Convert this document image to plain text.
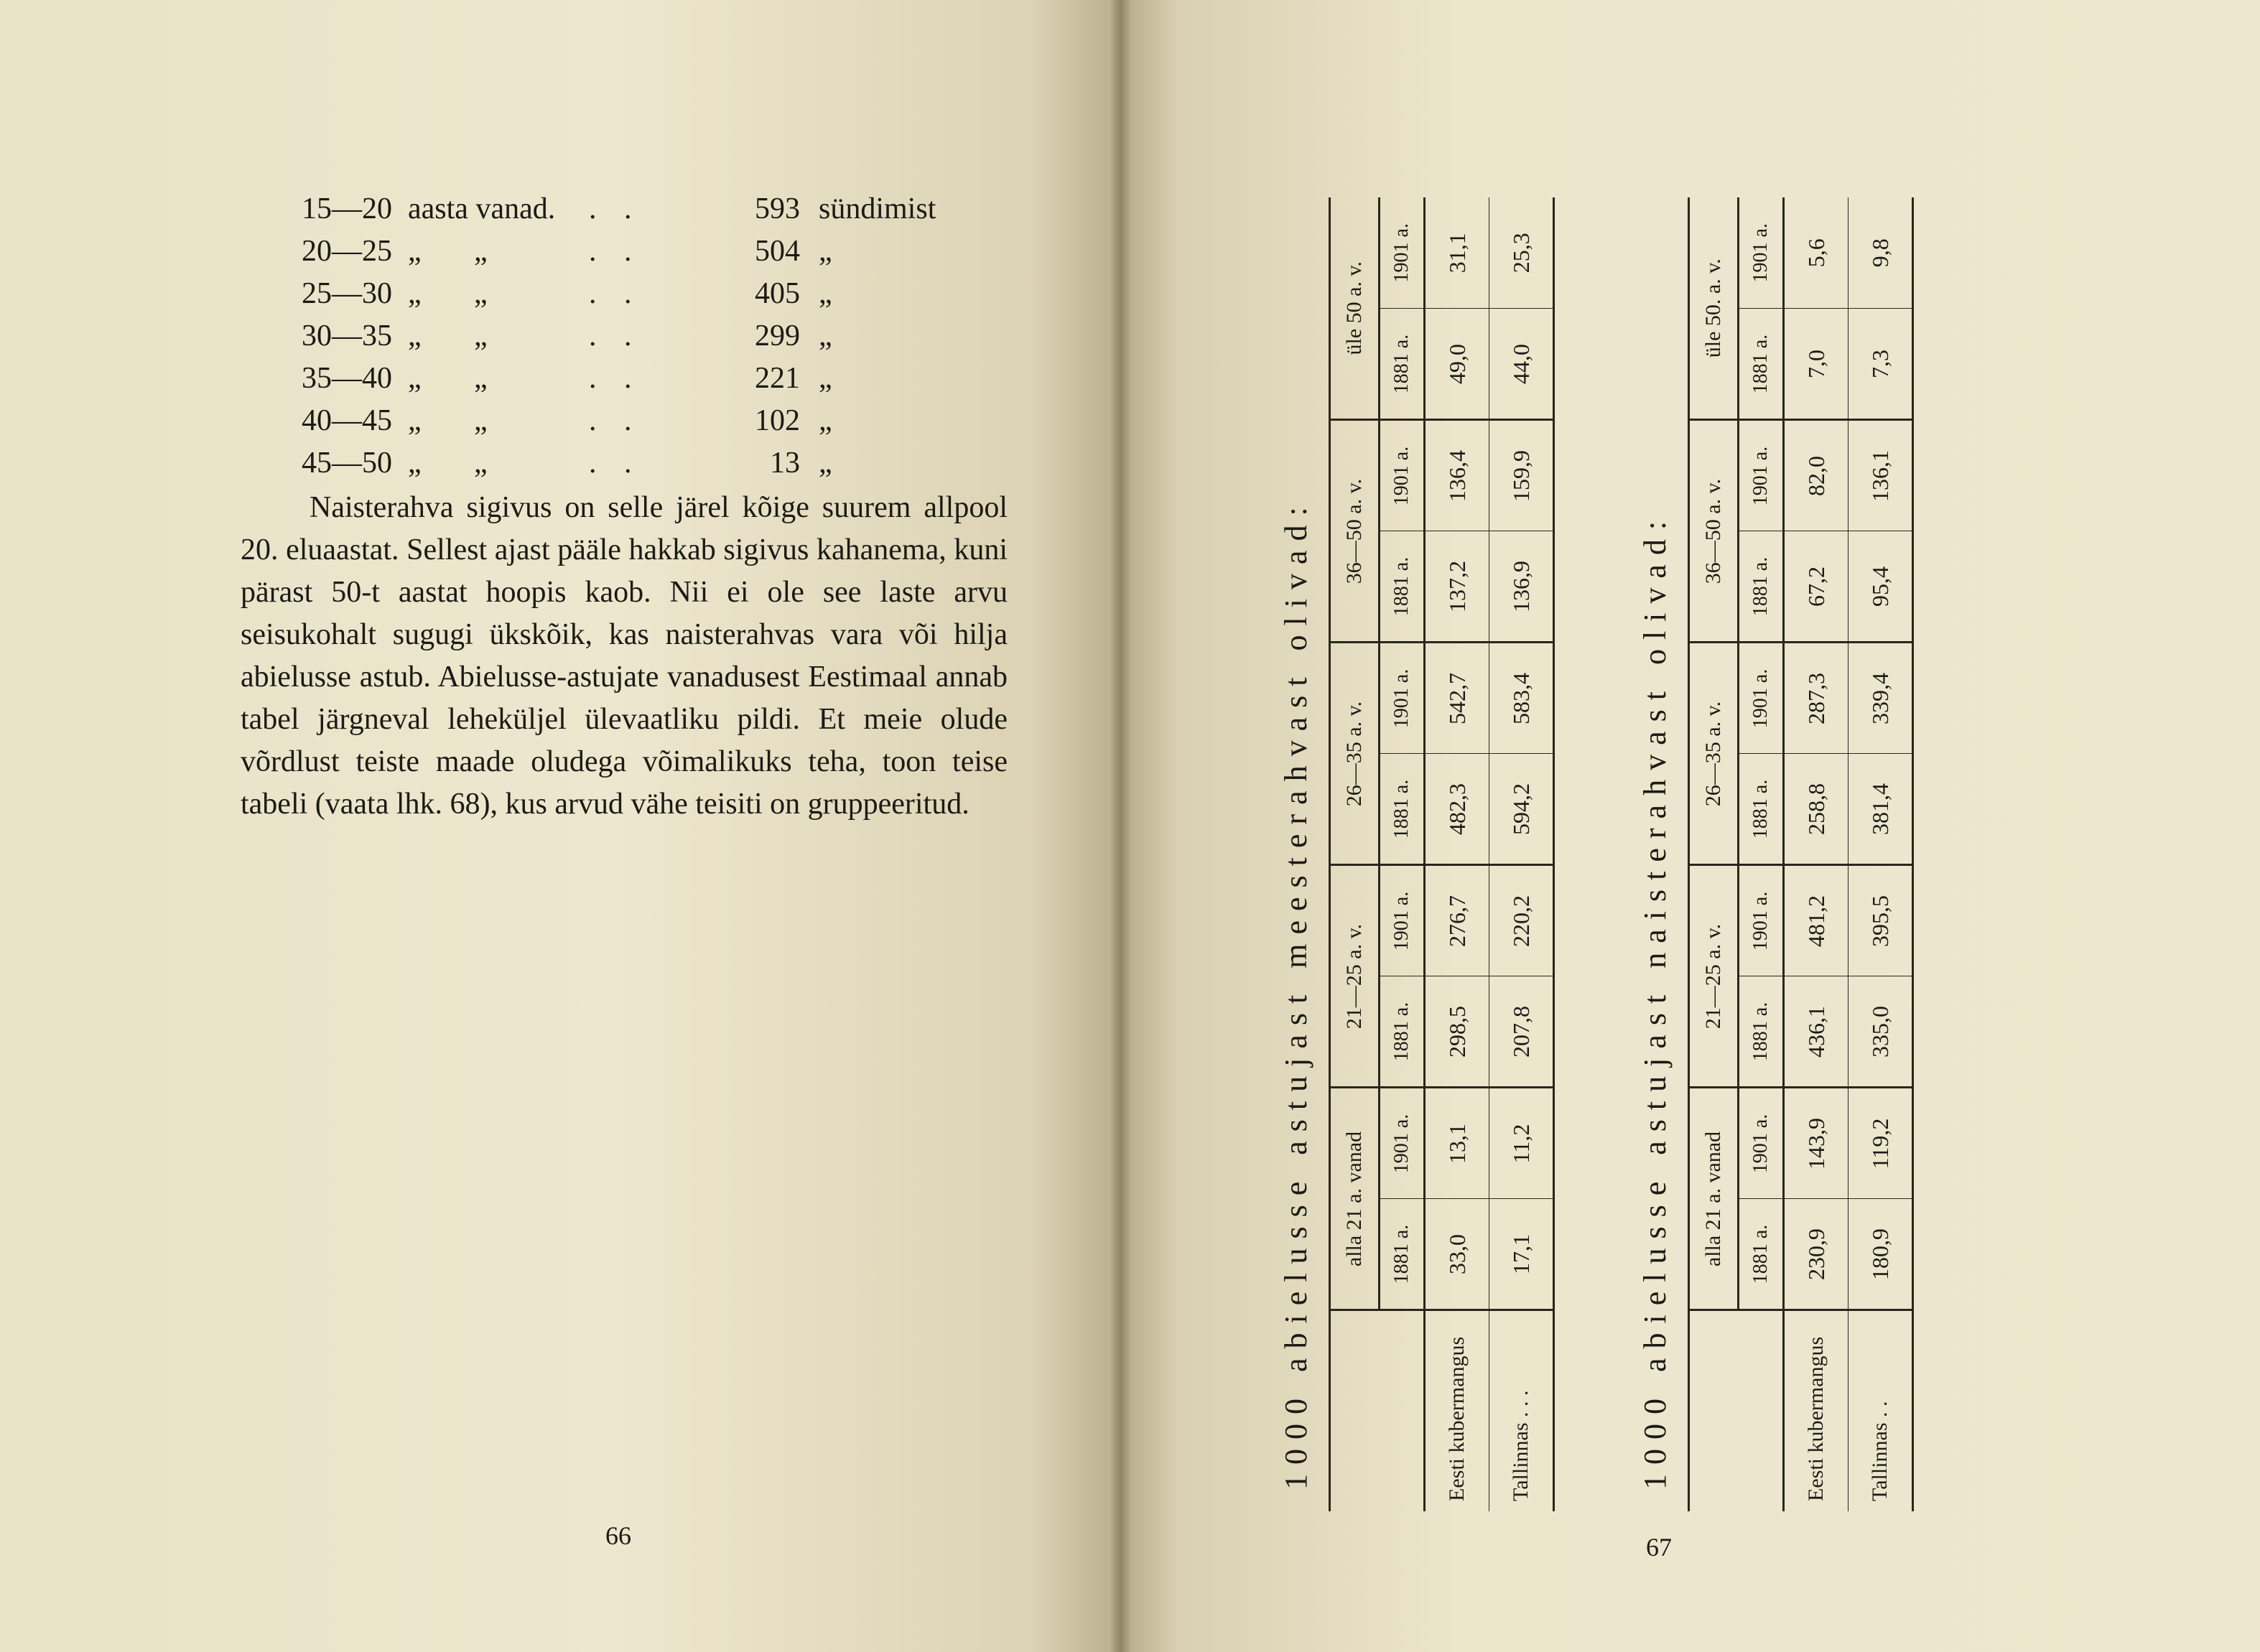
15—20 aasta vanad. . .	593 sündimist
20—25 „ „	. .	504 „
25—30 „ „	. .	405 „
30—35 „ „	. .	299 „
35—40 „ „	. .	221 „
40—45 „ „	. .	102 „
45—50 „ „	. .	13 „

Naisterahva sigivus on selle järel kõige suurem allpool 20. eluaastat. Sellest ajast pääle hakkab sigivus kahanema, kuni pärast 50-t aastat hoopis kaob. Nii ei ole see laste arvu seisukohalt sugugi ükskõik, kas naisterahvas vara või hilja abielusse astub. Abielusse-astujate vanadusest Eestimaal annab tabel järgneval leheküljel ülevaatliku pildi. Et meie olude võrdlust teiste maade oludega võimalikuks teha, toon teise tabeli (vaata lhk. 68), kus arvud vähe teisiti on gruppeeritud.

66
1000 abielusse astujast meesterahvast olivad:
		alla 21 a. vanad		21—25 a. v.		26—35 a. v.		36—50 a. v.		üle 50 a. v.	
	1881 a.	1901 a.	1881 a.	1901 a.	1881 a.	1901 a.	1881 a.	1901 a.	1881 a.	1901 a.
Eesti kubermangus	33,0	13,1	298,5	276,7	482,3	542,7	137,2	136,4	49,0	31,1
Tallinnas . . .	17,1	11,2	207,8	220,2	594,2	583,4	136,9	159,9	44,0	25,3
1000 abielusse astujast naisterahvast olivad:
		alla 21 a. vanad		21—25 a. v.		26—35 a. v.		36—50 a. v.		üle 50. a. v.	
	1881 a.	1901 a.	1881 a.	1901 a.	1881 a.	1901 a.	1881 a.	1901 a.	1881 a.	1901 a.
Eesti kubermangus	230,9	143,9	436,1	481,2	258,8	287,3	67,2	82,0	7,0	5,6
Tallinnas . .	180,9	119,2	335,0	395,5	381,4	339,4	95,4	136,1	7,3	9,8
67
